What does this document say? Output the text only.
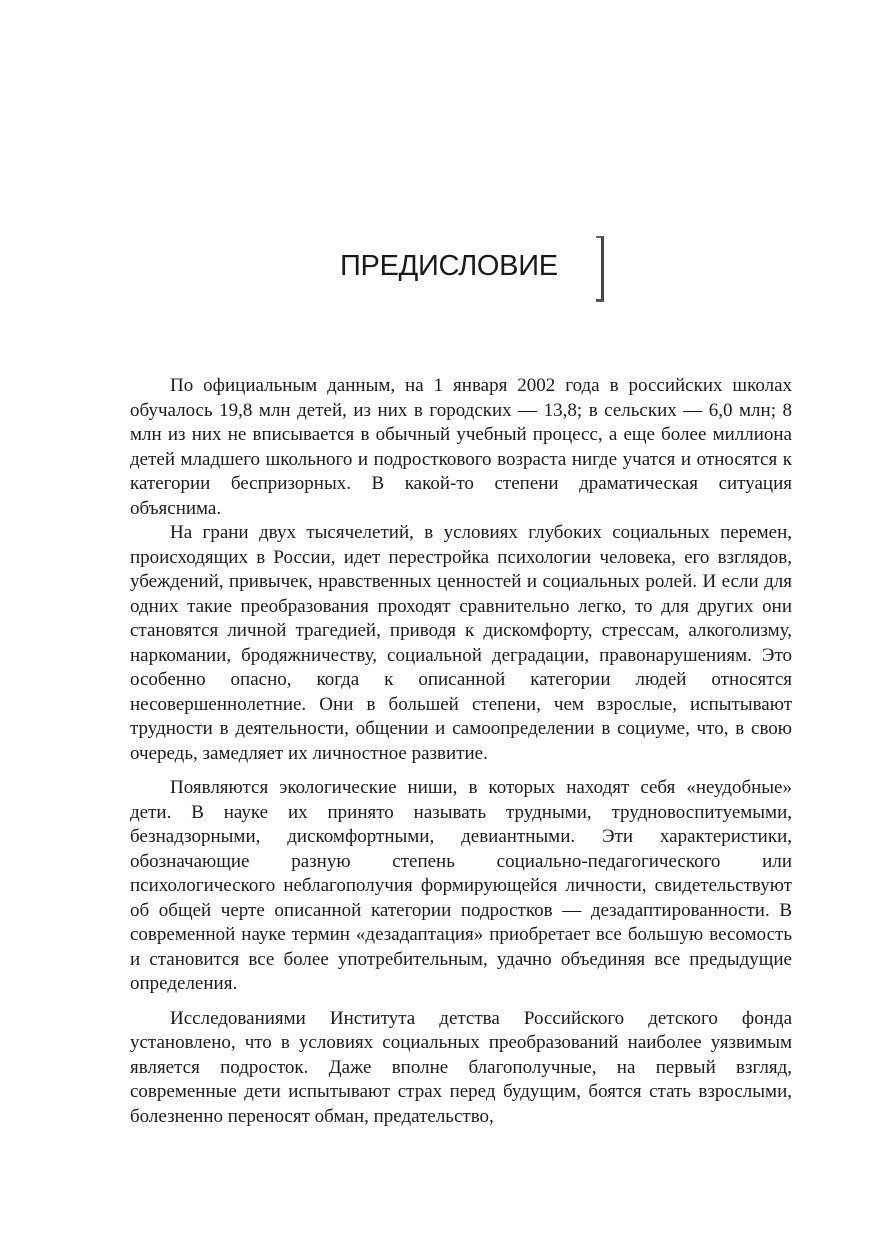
ПРЕДИСЛОВИЕ

По официальным данным, на 1 января 2002 года в российских школах обучалось 19,8 млн детей, из них в городских — 13,8; в сельских — 6,0 млн; 8 млн из них не вписывается в обычный учебный процесс, а еще более миллиона детей младшего школьного и подросткового возраста нигде учатся и относятся к категории беспризорных. В какой-то степени драматическая ситуация объяснима.

На грани двух тысячелетий, в условиях глубоких социальных перемен, происходящих в России, идет перестройка психологии человека, его взглядов, убеждений, привычек, нравственных ценностей и социальных ролей. И если для одних такие преобразования проходят сравнительно легко, то для других они становятся личной трагедией, приводя к дискомфорту, стрессам, алкоголизму, наркомании, бродяжничеству, социальной деградации, правонарушениям. Это особенно опасно, когда к описанной категории людей относятся несовершеннолетние. Они в большей степени, чем взрослые, испытывают трудности в деятельности, общении и самоопределении в социуме, что, в свою очередь, замедляет их личностное развитие.

Появляются экологические ниши, в которых находят себя «неудобные» дети. В науке их принято называть трудными, трудновоспитуемыми, безнадзорными, дискомфортными, девиантными. Эти характеристики, обозначающие разную степень социально-педагогического или психологического неблагополучия формирующейся личности, свидетельствуют об общей черте описанной категории подростков — дезадаптированности. В современной науке термин «дезадаптация» приобретает все большую весомость и становится все более употребительным, удачно объединяя все предыдущие определения.

Исследованиями Института детства Российского детского фонда установлено, что в условиях социальных преобразований наиболее уязвимым является подросток. Даже вполне благополучные, на первый взгляд, современные дети испытывают страх перед будущим, боятся стать взрослыми, болезненно переносят обман, предательство,
